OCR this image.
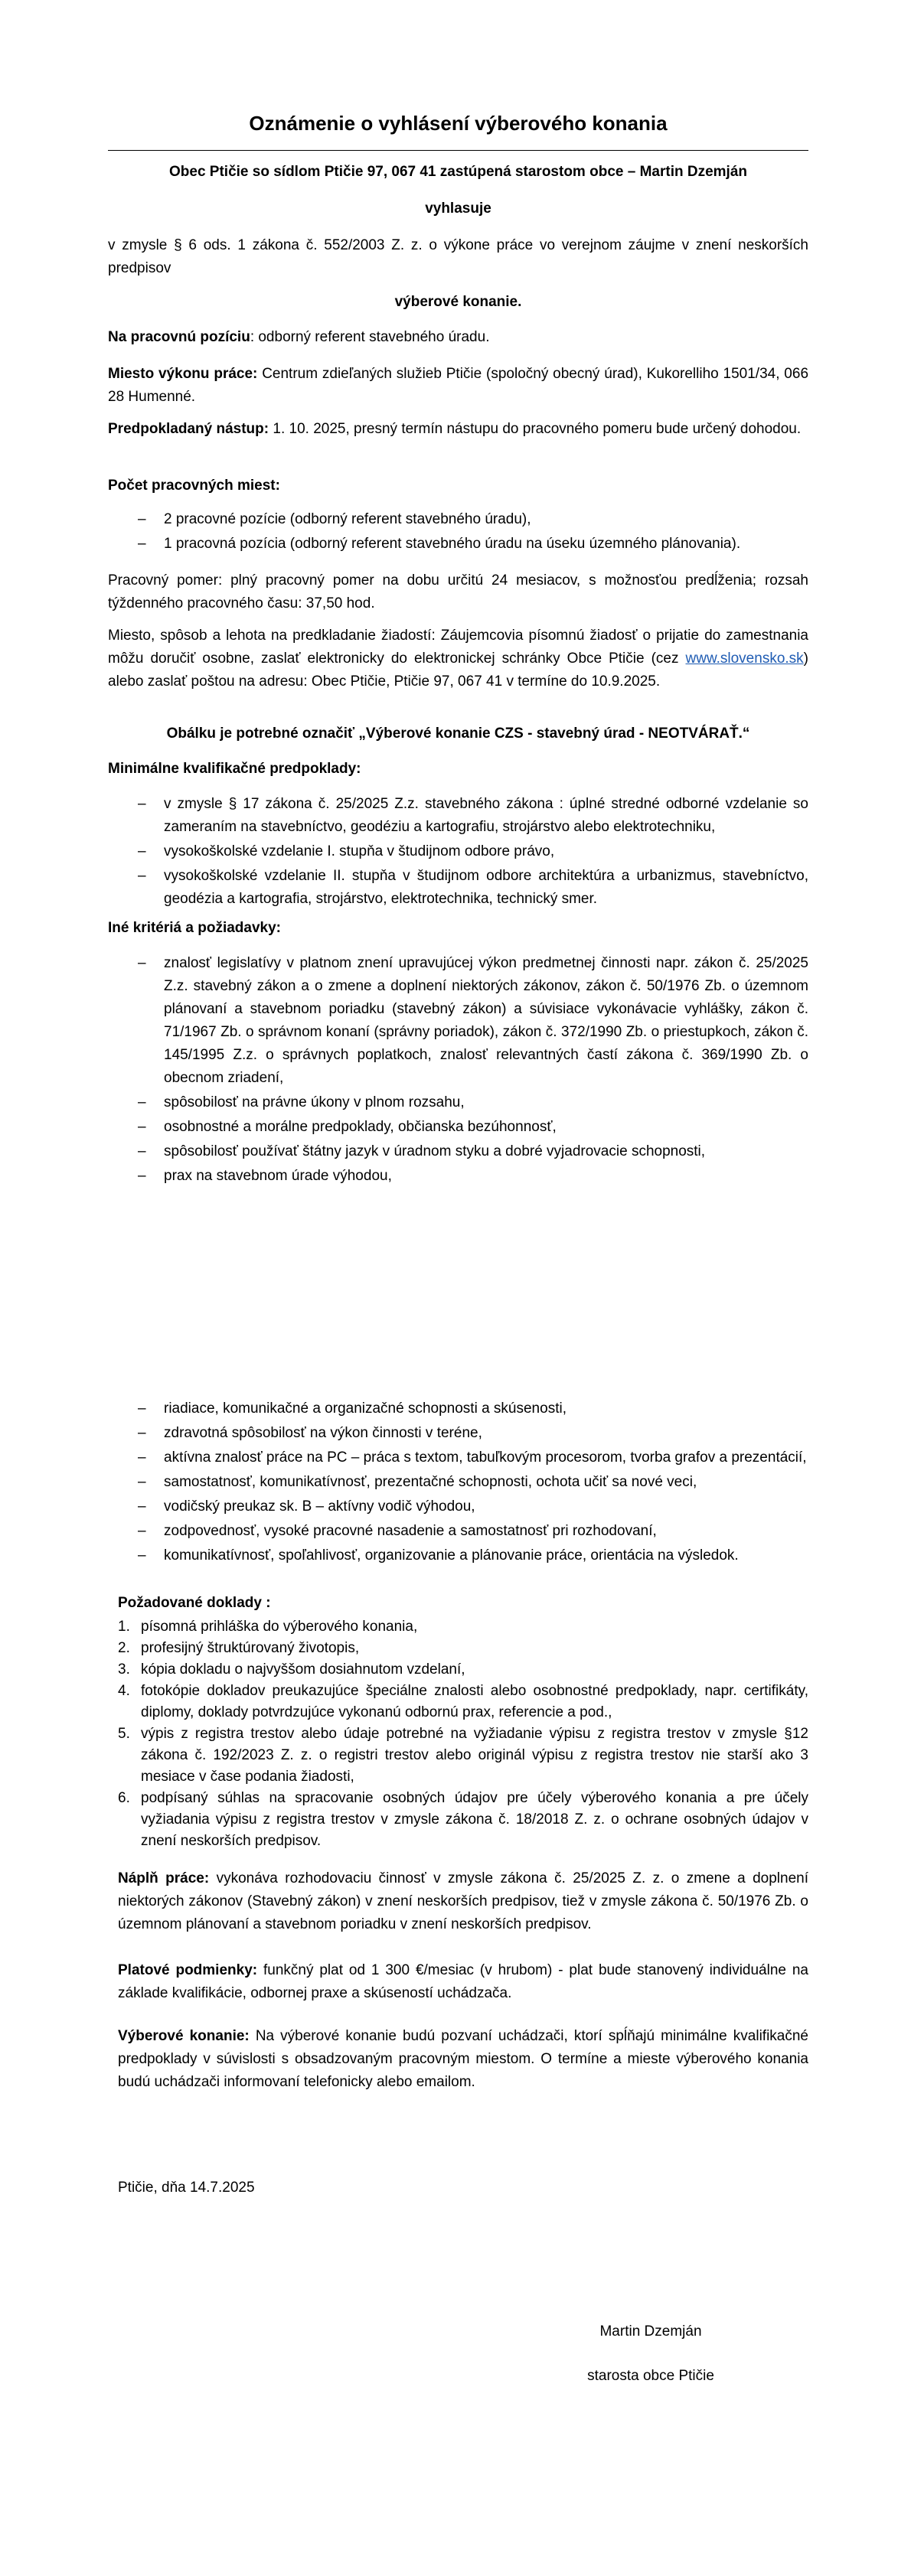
Oznámenie o vyhlásení výberového konania

Obec Ptičie so sídlom Ptičie 97, 067 41 zastúpená starostom obce – Martin Dzemján

vyhlasuje

v zmysle § 6 ods. 1 zákona č. 552/2003 Z. z. o výkone práce vo verejnom záujme v znení neskorších predpisov

výberové konanie.

Na pracovnú pozíciu: odborný referent stavebného úradu.

Miesto výkonu práce: Centrum zdieľaných služieb Ptičie (spoločný obecný úrad), Kukorelliho 1501/34, 066 28 Humenné.

Predpokladaný nástup: 1. 10. 2025, presný termín nástupu do pracovného pomeru bude určený dohodou.

Počet pracovných miest:

– 2 pracovné pozície (odborný referent stavebného úradu),
– 1 pracovná pozícia (odborný referent stavebného úradu na úseku územného plánovania).

Pracovný pomer: plný pracovný pomer na dobu určitú 24 mesiacov, s možnosťou predĺženia; rozsah týždenného pracovného času: 37,50 hod.

Miesto, spôsob a lehota na predkladanie žiadostí: Záujemcovia písomnú žiadosť o prijatie do zamestnania môžu doručiť osobne, zaslať elektronicky do elektronickej schránky Obce Ptičie (cez www.slovensko.sk) alebo zaslať poštou na adresu: Obec Ptičie, Ptičie 97, 067 41 v termíne do 10.9.2025.

Obálku je potrebné označiť „Výberové konanie CZS - stavebný úrad - NEOTVÁRAŤ.“

Minimálne kvalifikačné predpoklady:

– v zmysle § 17 zákona č. 25/2025 Z.z. stavebného zákona : úplné stredné odborné vzdelanie so zameraním na stavebníctvo, geodéziu a kartografiu, strojárstvo alebo elektrotechniku,
– vysokoškolské vzdelanie I. stupňa v študijnom odbore právo,
– vysokoškolské vzdelanie II. stupňa v študijnom odbore architektúra a urbanizmus, stavebníctvo, geodézia a kartografia, strojárstvo, elektrotechnika, technický smer.

Iné kritériá a požiadavky:

– znalosť legislatívy v platnom znení upravujúcej výkon predmetnej činnosti napr. zákon č. 25/2025 Z.z. stavebný zákon a o zmene a doplnení niektorých zákonov, zákon č. 50/1976 Zb. o územnom plánovaní a stavebnom poriadku (stavebný zákon) a súvisiace vykonávacie vyhlášky, zákon č. 71/1967 Zb. o správnom konaní (správny poriadok), zákon č. 372/1990 Zb. o priestupkoch, zákon č. 145/1995 Z.z. o správnych poplatkoch, znalosť relevantných častí zákona č. 369/1990 Zb. o obecnom zriadení,
– spôsobilosť na právne úkony v plnom rozsahu,
– osobnostné a morálne predpoklady, občianska bezúhonnosť,
– spôsobilosť používať štátny jazyk v úradnom styku a dobré vyjadrovacie schopnosti,
– prax na stavebnom úrade výhodou,
– riadiace, komunikačné a organizačné schopnosti a skúsenosti,
– zdravotná spôsobilosť na výkon činnosti v teréne,
– aktívna znalosť práce na PC – práca s textom, tabuľkovým procesorom, tvorba grafov a prezentácií,
– samostatnosť, komunikatívnosť, prezentačné schopnosti, ochota učiť sa nové veci,
– vodičský preukaz sk. B – aktívny vodič výhodou,
– zodpovednosť, vysoké pracovné nasadenie a samostatnosť pri rozhodovaní,
– komunikatívnosť, spoľahlivosť, organizovanie a plánovanie práce, orientácia na výsledok.

Požadované doklady :

1. písomná prihláška do výberového konania,
2. profesijný štruktúrovaný životopis,
3. kópia dokladu o najvyššom dosiahnutom vzdelaní,
4. fotokópie dokladov preukazujúce špeciálne znalosti alebo osobnostné predpoklady, napr. certifikáty, diplomy, doklady potvrdzujúce vykonanú odbornú prax, referencie a pod.,
5. výpis z registra trestov alebo údaje potrebné na vyžiadanie výpisu z registra trestov v zmysle §12 zákona č. 192/2023 Z. z. o registri trestov alebo originál výpisu z registra trestov nie starší ako 3 mesiace v čase podania žiadosti,
6. podpísaný súhlas na spracovanie osobných údajov pre účely výberového konania a pre účely vyžiadania výpisu z registra trestov v zmysle zákona č. 18/2018 Z. z. o ochrane osobných údajov v znení neskorších predpisov.

Náplň práce: vykonáva rozhodovaciu činnosť v zmysle zákona č. 25/2025 Z. z. o zmene a doplnení niektorých zákonov (Stavebný zákon) v znení neskorších predpisov, tiež v zmysle zákona č. 50/1976 Zb. o územnom plánovaní a stavebnom poriadku v znení neskorších predpisov.

Platové podmienky: funkčný plat od 1 300 €/mesiac (v hrubom) - plat bude stanovený individuálne na základe kvalifikácie, odbornej praxe a skúseností uchádzača.

Výberové konanie: Na výberové konanie budú pozvaní uchádzači, ktorí spĺňajú minimálne kvalifikačné predpoklady v súvislosti s obsadzovaným pracovným miestom. O termíne a mieste výberového konania budú uchádzači informovaní telefonicky alebo emailom.

Ptičie, dňa 14.7.2025

Martin Dzemján

starosta obce Ptičie
